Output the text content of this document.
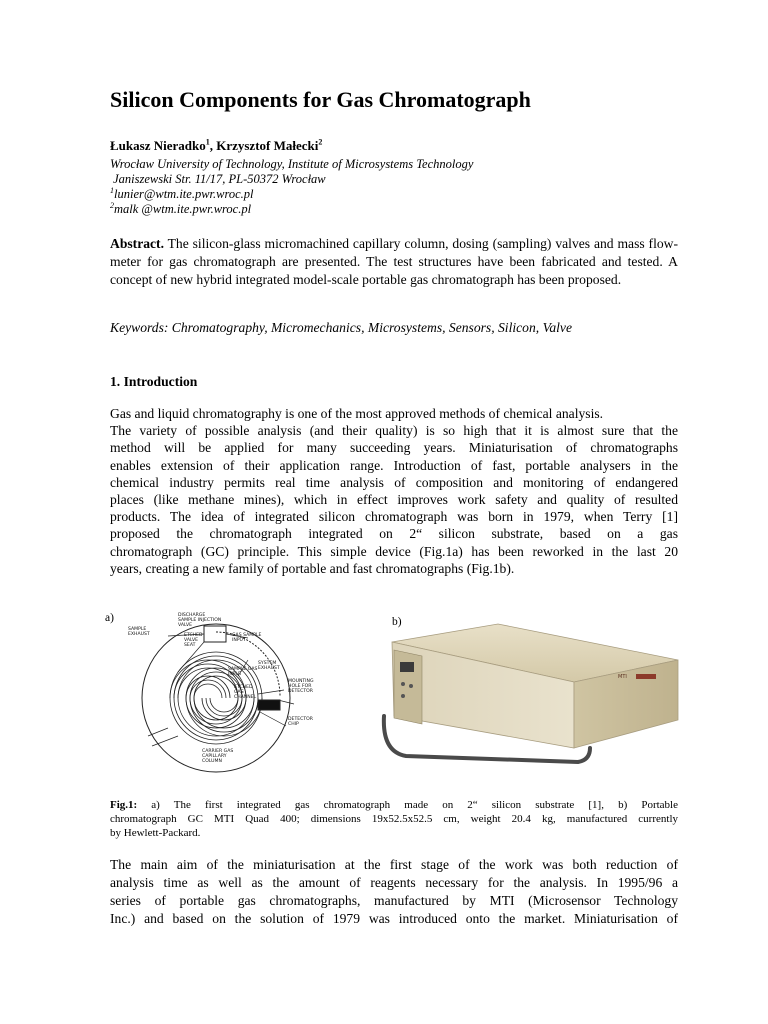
Silicon Components for Gas Chromatograph
Łukasz Nieradko$^1$, Krzysztof Małecki$^2$
Wrocław University of Technology, Institute of Microsystems Technology
Janiszewski Str. 11/17, PL-50372 Wrocław
$^1$lunier@wtm.ite.pwr.wroc.pl
$^2$malk @wtm.ite.pwr.wroc.pl

Abstract. The silicon-glass micromachined capillary column, dosing (sampling) valves and mass flow-meter for gas chromatograph are presented. The test structures have been fabricated and tested. A concept of new hybrid integrated model-scale portable gas chromatograph has been proposed.

Keywords: Chromatography, Micromechanics, Microsystems, Sensors, Silicon, Valve

1. Introduction

Gas and liquid chromatography is one of the most approved methods of chemical analysis.
The variety of possible analysis (and their quality) is so high that it is almost sure that the
method will be applied for many succeeding years. Miniaturisation of chromatographs
enables extension of their application range. Introduction of fast, portable analysers in the
chemical industry permits real time analysis of composition and monitoring of endangered
places (like methane mines), which in effect improves work safety and quality of resulted
products. The idea of integrated silicon chromatograph was born in 1979, when Terry [1]
proposed the chromatograph integrated on 2“ silicon substrate, based on a gas
chromatograph (GC) principle. This simple device (Fig.1a) has been reworked in the last 20
years, creating a new family of portable and fast chromatographs (Fig.1b).

a)	b)
DISCHARGE
SAMPLE INJECTION
VALVE
SAMPLE
EXHAUST	ETCHED
VALVE
SEAT
GAS SAMPLE
INPUT
SAMPLE GAS
INPUT
SYSTEM
EXHAUST
ETCHED
GAS
CHANNEL
MOUNTING
HOLE FOR
DETECTOR
DETECTOR
CHIP
CARRIER GAS
CAPILLARY
COLUMN
MTI

Fig.1: a) The first integrated gas chromatograph made on 2“ silicon substrate [1], b) Portable
chromatograph GC MTI Quad 400; dimensions 19x52.5x52.5 cm, weight 20.4 kg, manufactured currently
by Hewlett-Packard.

The main aim of the miniaturisation at the first stage of the work was both reduction of
analysis time as well as the amount of reagents necessary for the analysis. In 1995/96 a
series of portable gas chromatographs, manufactured by MTI (Microsensor Technology
Inc.) and based on the solution of 1979 was introduced onto the market. Miniaturisation of
